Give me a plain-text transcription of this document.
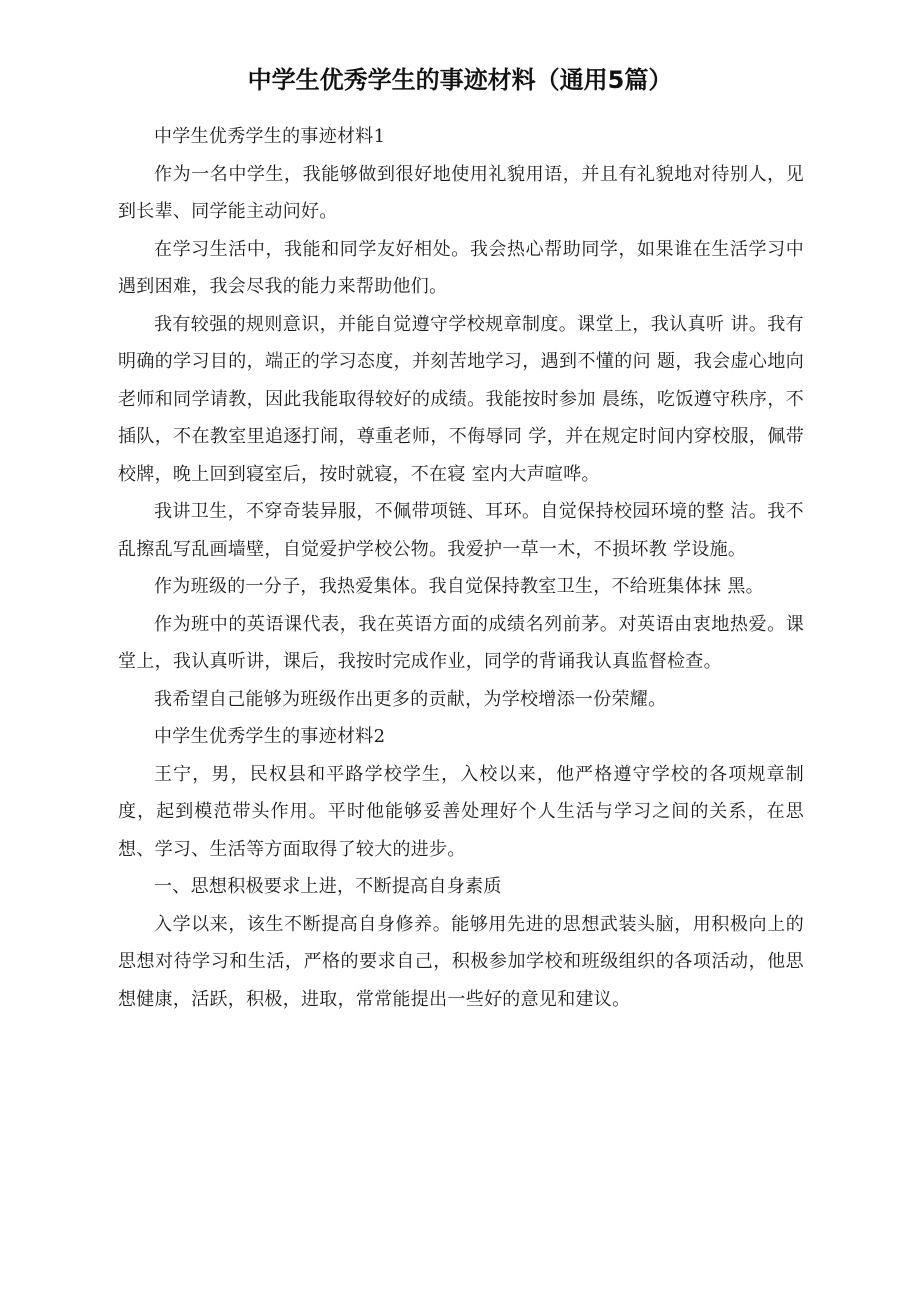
中学生优秀学生的事迹材料（通用5篇）

中学生优秀学生的事迹材料1

作为一名中学生，我能够做到很好地使用礼貌用语，并且有礼貌地对待别人，见到长辈、同学能主动问好。

在学习生活中，我能和同学友好相处。我会热心帮助同学，如果谁在生活学习中遇到困难，我会尽我的能力来帮助他们。

我有较强的规则意识，并能自觉遵守学校规章制度。课堂上，我认真听 讲。我有明确的学习目的，端正的学习态度，并刻苦地学习，遇到不懂的问 题，我会虚心地向老师和同学请教，因此我能取得较好的成绩。我能按时参加 晨练，吃饭遵守秩序，不插队，不在教室里追逐打闹，尊重老师，不侮辱同 学，并在规定时间内穿校服，佩带校牌，晚上回到寝室后，按时就寝，不在寝 室内大声喧哗。

我讲卫生，不穿奇装异服，不佩带项链、耳环。自觉保持校园环境的整 洁。我不乱擦乱写乱画墙壁，自觉爱护学校公物。我爱护一草一木，不损坏教 学设施。

作为班级的一分子，我热爱集体。我自觉保持教室卫生，不给班集体抹 黑。

作为班中的英语课代表，我在英语方面的成绩名列前茅。对英语由衷地热爱。课堂上，我认真听讲，课后，我按时完成作业，同学的背诵我认真监督检查。

我希望自己能够为班级作出更多的贡献，为学校增添一份荣耀。

中学生优秀学生的事迹材料2

王宁，男，民权县和平路学校学生，入校以来，他严格遵守学校的各项规章制度，起到模范带头作用。平时他能够妥善处理好个人生活与学习之间的关系，在思想、学习、生活等方面取得了较大的进步。

一、思想积极要求上进，不断提高自身素质

入学以来，该生不断提高自身修养。能够用先进的思想武装头脑，用积极向上的思想对待学习和生活，严格的要求自己，积极参加学校和班级组织的各项活动，他思想健康，活跃，积极，进取，常常能提出一些好的意见和建议。
